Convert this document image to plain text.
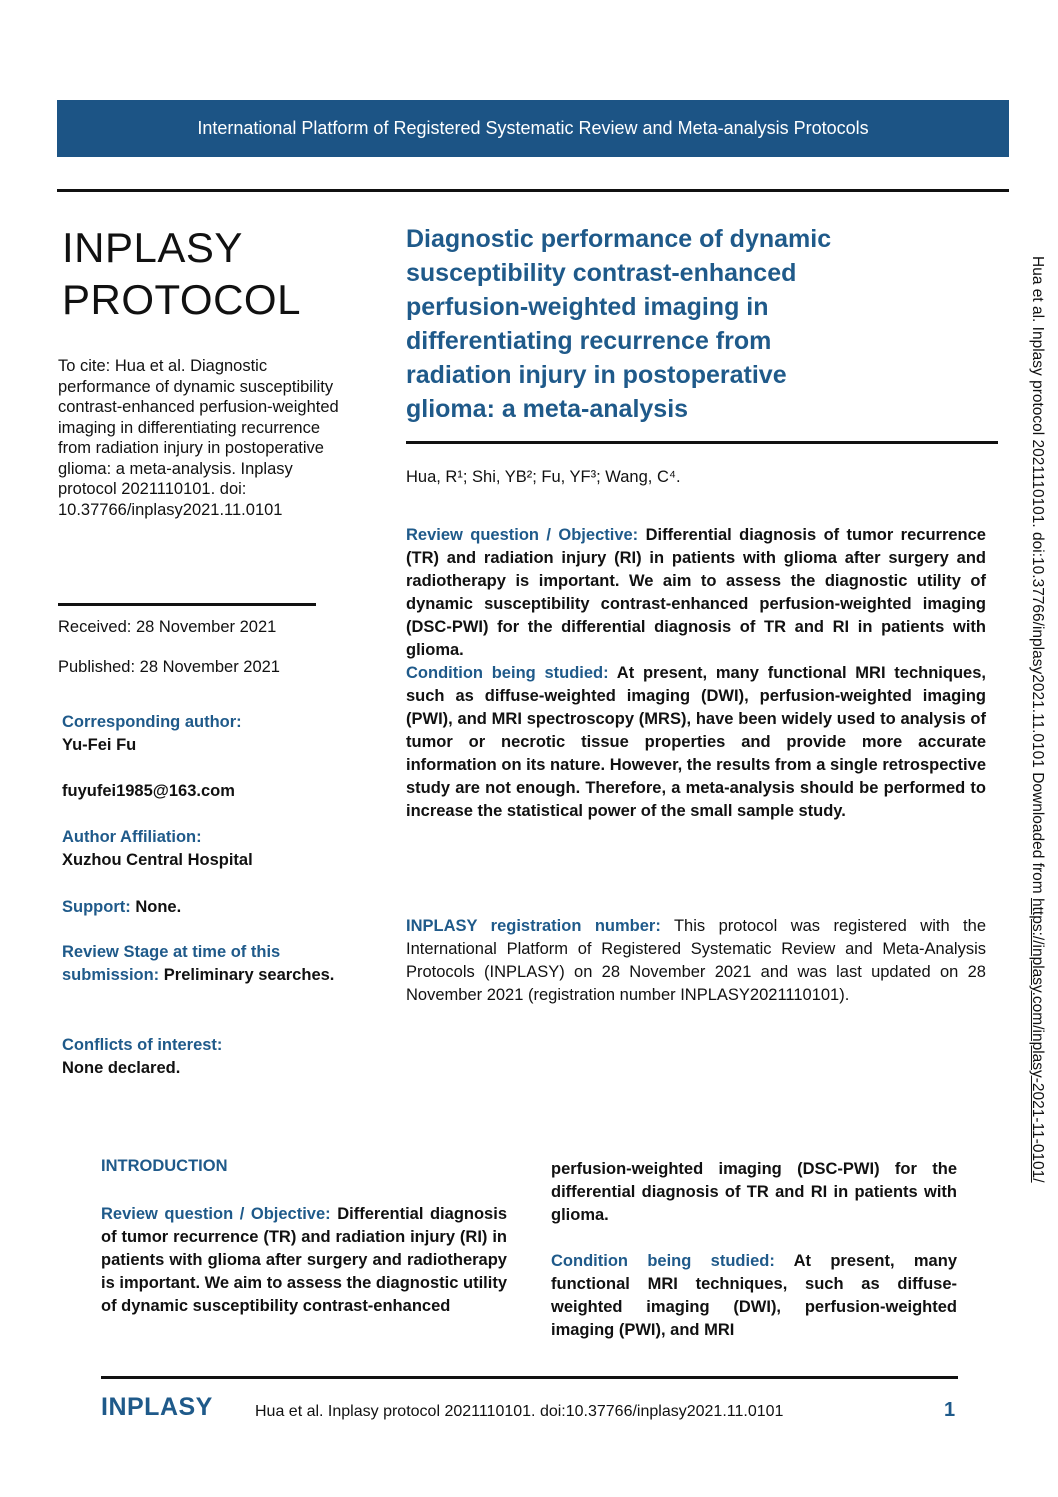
International Platform of Registered Systematic Review and Meta-analysis Protocols
INPLASY
PROTOCOL
To cite: Hua et al. Diagnostic performance of dynamic susceptibility contrast-enhanced perfusion-weighted imaging in differentiating recurrence from radiation injury in postoperative glioma: a meta-analysis. Inplasy protocol 2021110101. doi: 10.37766/inplasy2021.11.0101
Received: 28 November 2021
Published: 28 November 2021
Corresponding author:
Yu-Fei Fu
fuyufei1985@163.com
Author Affiliation:
Xuzhou Central Hospital
Support: None.
Review Stage at time of this submission: Preliminary searches.
Conflicts of interest:
None declared.
Diagnostic performance of dynamic
susceptibility contrast-enhanced
perfusion-weighted imaging in
differentiating recurrence from
radiation injury in postoperative
glioma: a meta-analysis
Hua, R¹; Shi, YB²; Fu, YF³; Wang, C⁴.
Review question / Objective: Differential diagnosis of tumor recurrence (TR) and radiation injury (RI) in patients with glioma after surgery and radiotherapy is important. We aim to assess the diagnostic utility of dynamic susceptibility contrast-enhanced perfusion-weighted imaging (DSC-PWI) for the differential diagnosis of TR and RI in patients with glioma.
Condition being studied: At present, many functional MRI techniques, such as diffuse-weighted imaging (DWI), perfusion-weighted imaging (PWI), and MRI spectroscopy (MRS), have been widely used to analysis of tumor or necrotic tissue properties and provide more accurate information on its nature. However, the results from a single retrospective study are not enough. Therefore, a meta-analysis should be performed to increase the statistical power of the small sample study.
INPLASY registration number: This protocol was registered with the International Platform of Registered Systematic Review and Meta-Analysis Protocols (INPLASY) on 28 November 2021 and was last updated on 28 November 2021 (registration number INPLASY2021110101).
INTRODUCTION
Review question / Objective: Differential diagnosis of tumor recurrence (TR) and radiation injury (RI) in patients with glioma after surgery and radiotherapy is important. We aim to assess the diagnostic utility of dynamic susceptibility contrast-enhanced
perfusion-weighted imaging (DSC-PWI) for the differential diagnosis of TR and RI in patients with glioma.
Condition being studied: At present, many functional MRI techniques, such as diffuse-weighted imaging (DWI), perfusion-weighted imaging (PWI), and MRI
INPLASY	Hua et al. Inplasy protocol 2021110101. doi:10.37766/inplasy2021.11.0101	1
Hua et al. Inplasy protocol 2021110101. doi:10.37766/inplasy2021.11.0101 Downloaded from https://inplasy.com/inplasy-2021-11-0101/
